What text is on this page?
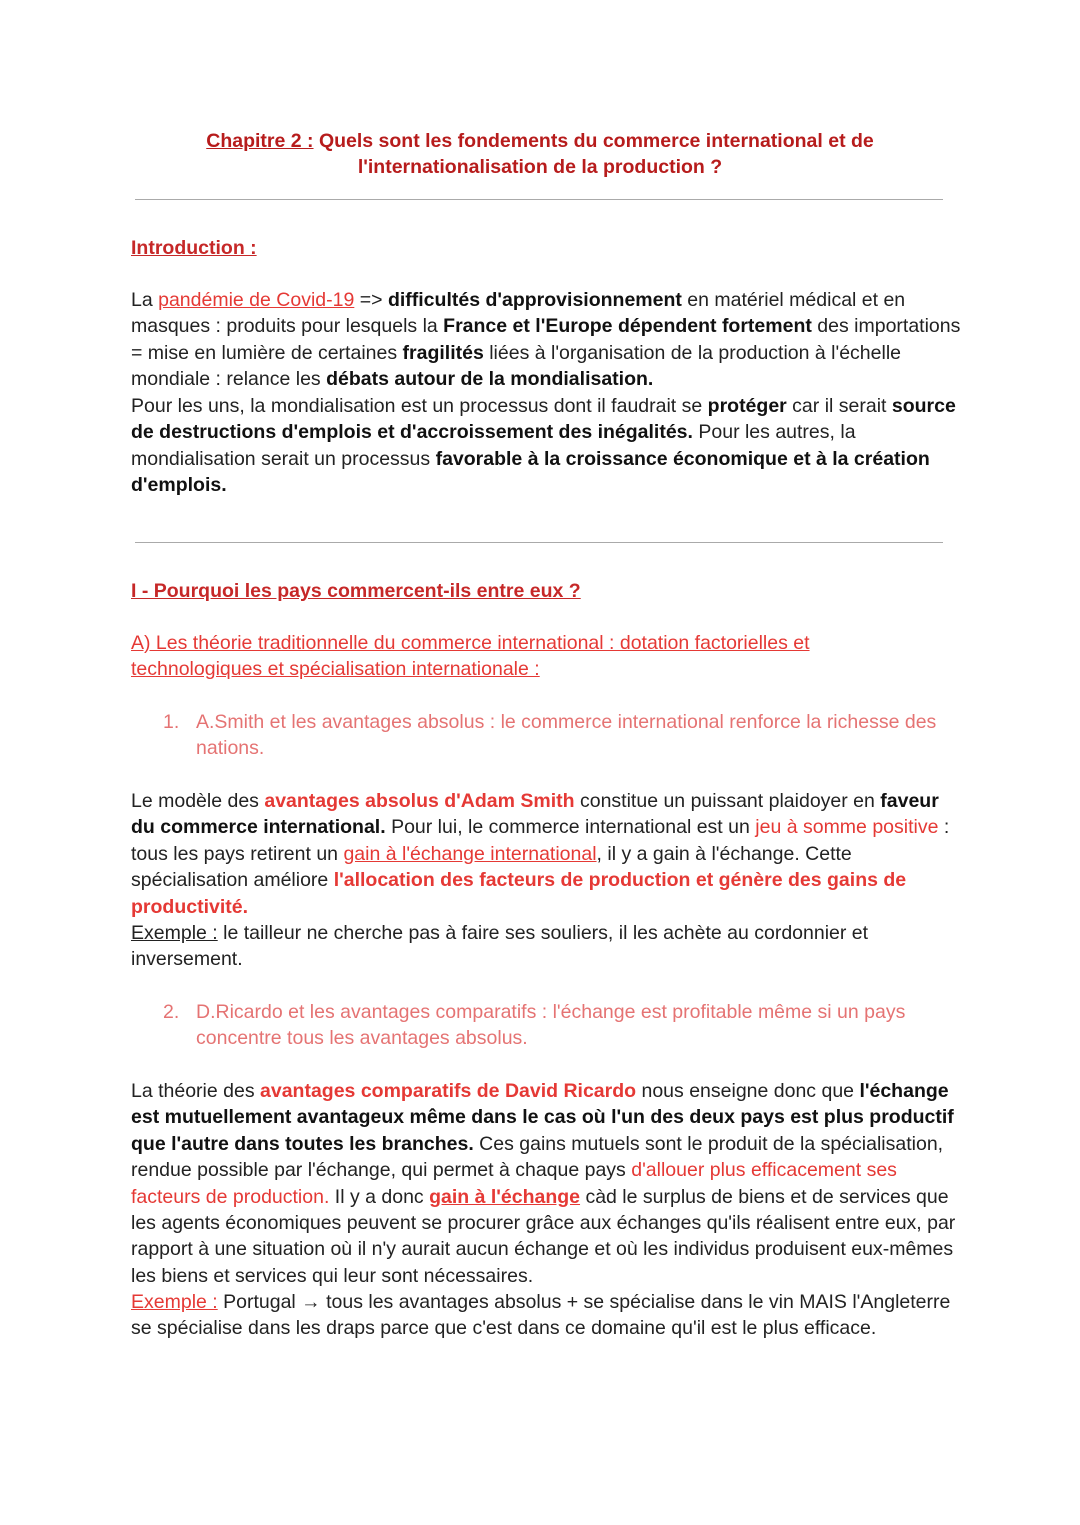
Chapitre 2 : Quels sont les fondements du commerce international et de
l'internationalisation de la production ?
Introduction :
La pandémie de Covid-19 => difficultés d'approvisionnement en matériel médical et en masques : produits pour lesquels la France et l'Europe dépendent fortement des importations = mise en lumière de certaines fragilités liées à l'organisation de la production à l'échelle mondiale : relance les débats autour de la mondialisation.
Pour les uns, la mondialisation est un processus dont il faudrait se protéger car il serait source de destructions d'emplois et d'accroissement des inégalités. Pour les autres, la mondialisation serait un processus favorable à la croissance économique et à la création d'emplois.
I - Pourquoi les pays commercent-ils entre eux ?
A) Les théorie traditionnelle du commerce international : dotation factorielles et technologiques et spécialisation internationale :
1. A.Smith et les avantages absolus : le commerce international renforce la richesse des nations.
Le modèle des avantages absolus d'Adam Smith constitue un puissant plaidoyer en faveur du commerce international. Pour lui, le commerce international est un jeu à somme positive : tous les pays retirent un gain à l'échange international, il y a gain à l'échange. Cette spécialisation améliore l'allocation des facteurs de production et génère des gains de productivité.
Exemple : le tailleur ne cherche pas à faire ses souliers, il les achète au cordonnier et inversement.
2. D.Ricardo et les avantages comparatifs : l'échange est profitable même si un pays concentre tous les avantages absolus.
La théorie des avantages comparatifs de David Ricardo nous enseigne donc que l'échange est mutuellement avantageux même dans le cas où l'un des deux pays est plus productif que l'autre dans toutes les branches. Ces gains mutuels sont le produit de la spécialisation, rendue possible par l'échange, qui permet à chaque pays d'allouer plus efficacement ses facteurs de production. Il y a donc gain à l'échange càd le surplus de biens et de services que les agents économiques peuvent se procurer grâce aux échanges qu'ils réalisent entre eux, par rapport à une situation où il n'y aurait aucun échange et où les individus produisent eux-mêmes les biens et services qui leur sont nécessaires.
Exemple : Portugal → tous les avantages absolus + se spécialise dans le vin MAIS l'Angleterre se spécialise dans les draps parce que c'est dans ce domaine qu'il est le plus efficace.
